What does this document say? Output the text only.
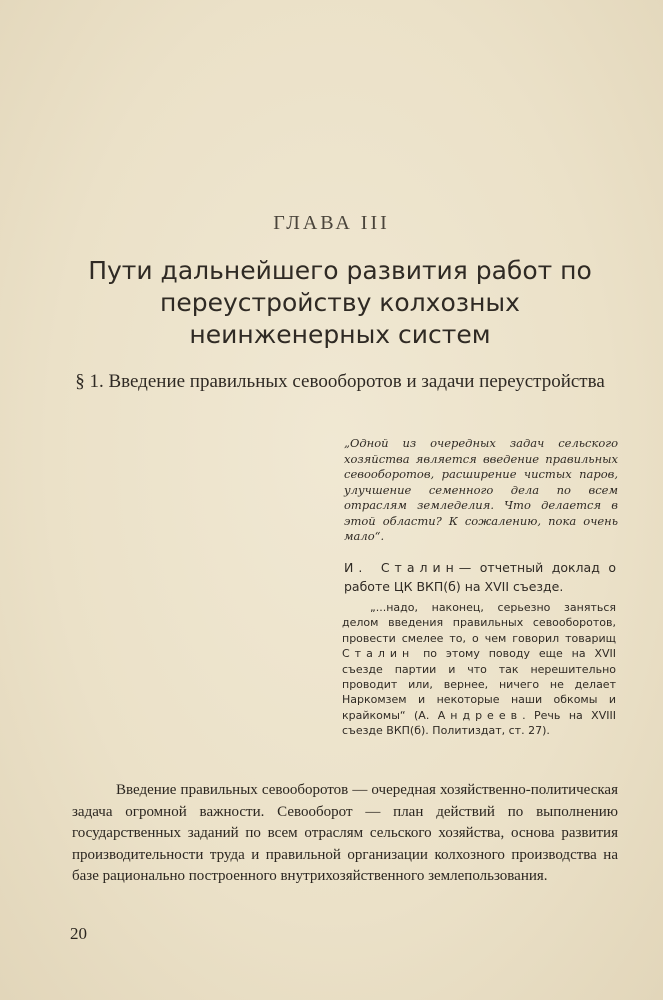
ГЛАВА III
Пути дальнейшего развития работ по переустройству колхозных неинженерных систем
§ 1. Введение правильных севооборотов и задачи переустройства
„Одной из очередных задач сельского хозяйства является введение правильных севооборотов, расширение чистых паров, улучшение семенного дела по всем отраслям земледелия. Что делается в этой области? К сожалению, пока очень мало“.
И. Сталин— отчетный доклад о работе ЦК ВКП(б) на XVII съезде.
„...надо, наконец, серьезно заняться делом введения правильных севооборотов, провести смелее то, о чем говорил товарищ Сталин по этому поводу еще на XVII съезде партии и что так нерешительно проводит или, вернее, ничего не делает Наркомзем и некоторые наши обкомы и крайкомы“ (А. Андреев. Речь на XVIII съезде ВКП(б). Политиздат, ст. 27).
Введение правильных севооборотов — очередная хозяйственно-политическая задача огромной важности. Севооборот — план действий по выполнению государственных заданий по всем отраслям сельского хозяйства, основа развития производительности труда и правильной организации колхозного производства на базе рационально построенного внутрихозяйственного землепользования.
20
